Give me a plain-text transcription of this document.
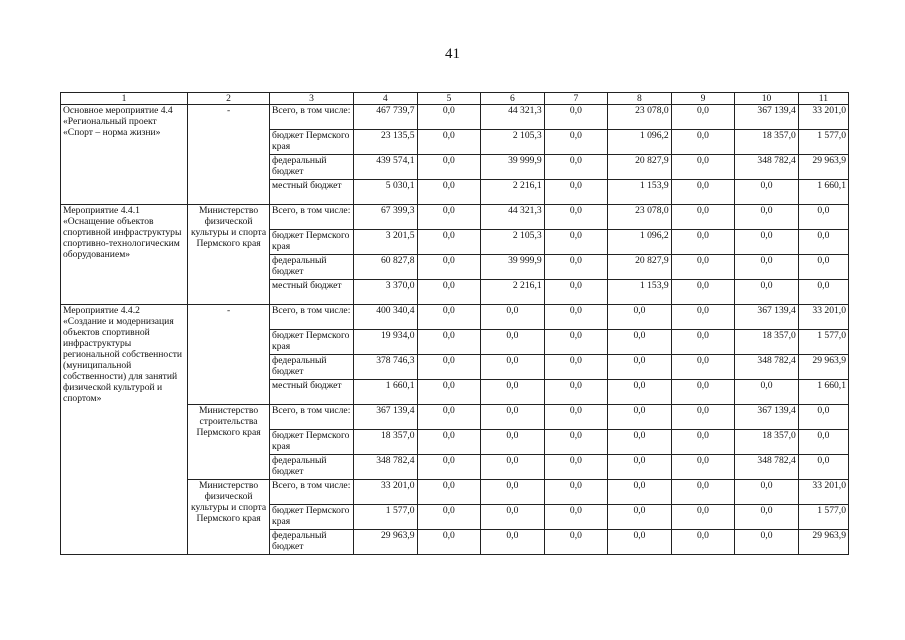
41
1	2	3	4	5	6	7	8	9	10	11
Основное мероприятие 4.4 «Региональный проект «Спорт – норма жизни»	-	Всего, в том числе:	467 739,7	0,0	44 321,3	0,0	23 078,0	0,0	367 139,4	33 201,0
		бюджет Пермского края	23 135,5	0,0	2 105,3	0,0	1 096,2	0,0	18 357,0	1 577,0
		федеральный бюджет	439 574,1	0,0	39 999,9	0,0	20 827,9	0,0	348 782,4	29 963,9
		местный бюджет	5 030,1	0,0	2 216,1	0,0	1 153,9	0,0	0,0	1 660,1
Мероприятие 4.4.1 «Оснащение объектов спортивной инфраструктуры спортивно-технологическим оборудованием»	Министерство физической культуры и спорта Пермского края	Всего, в том числе:	67 399,3	0,0	44 321,3	0,0	23 078,0	0,0	0,0	0,0
		бюджет Пермского края	3 201,5	0,0	2 105,3	0,0	1 096,2	0,0	0,0	0,0
		федеральный бюджет	60 827,8	0,0	39 999,9	0,0	20 827,9	0,0	0,0	0,0
		местный бюджет	3 370,0	0,0	2 216,1	0,0	1 153,9	0,0	0,0	0,0
Мероприятие 4.4.2 «Создание и модернизация объектов спортивной инфраструктуры региональной собственности (муниципальной собственности) для занятий физической культурой и спортом»	-	Всего, в том числе:	400 340,4	0,0	0,0	0,0	0,0	0,0	367 139,4	33 201,0
		бюджет Пермского края	19 934,0	0,0	0,0	0,0	0,0	0,0	18 357,0	1 577,0
		федеральный бюджет	378 746,3	0,0	0,0	0,0	0,0	0,0	348 782,4	29 963,9
		местный бюджет	1 660,1	0,0	0,0	0,0	0,0	0,0	0,0	1 660,1
	Министерство строительства Пермского края	Всего, в том числе:	367 139,4	0,0	0,0	0,0	0,0	0,0	367 139,4	0,0
		бюджет Пермского края	18 357,0	0,0	0,0	0,0	0,0	0,0	18 357,0	0,0
		федеральный бюджет	348 782,4	0,0	0,0	0,0	0,0	0,0	348 782,4	0,0
	Министерство физической культуры и спорта Пермского края	Всего, в том числе:	33 201,0	0,0	0,0	0,0	0,0	0,0	0,0	33 201,0
		бюджет Пермского края	1 577,0	0,0	0,0	0,0	0,0	0,0	0,0	1 577,0
		федеральный бюджет	29 963,9	0,0	0,0	0,0	0,0	0,0	0,0	29 963,9
